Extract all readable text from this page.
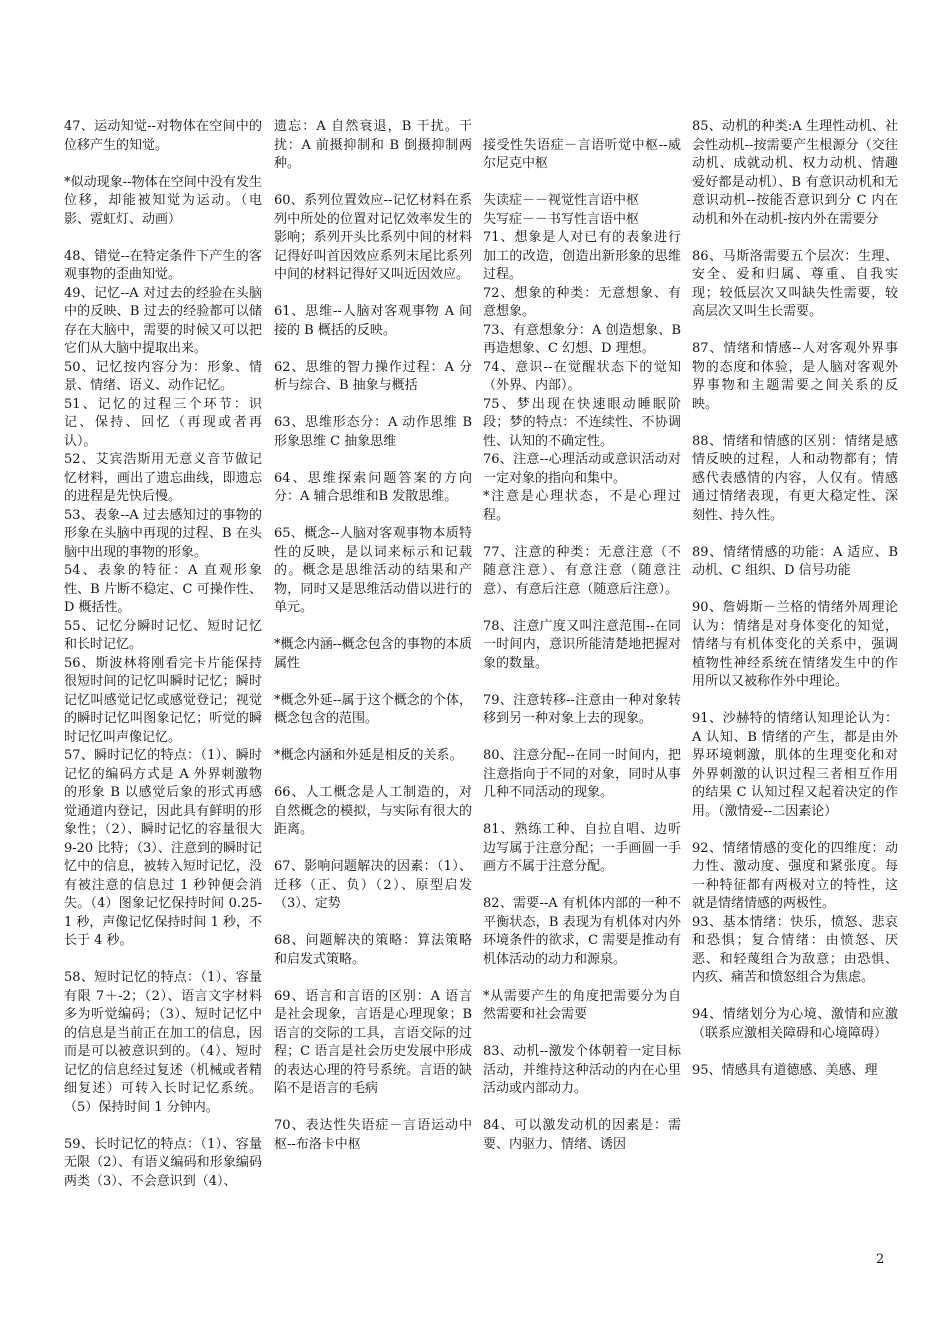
47、运动知觉--对物体在空间中的位移产生的知觉。

*似动现象--物体在空间中没有发生位移，却能被知觉为运动。（电影、霓虹灯、动画）

48、错觉--在特定条件下产生的客观事物的歪曲知觉。

49、记忆--A 对过去的经验在头脑中的反映、B 过去的经验都可以储存在大脑中，需要的时候又可以把它们从大脑中提取出来。

50、记忆按内容分为：形象、情景、情绪、语义、动作记忆。

51、记忆的过程三个环节：识记、保持、回忆（再现或者再认）。

52、艾宾浩斯用无意义音节做记忆材料，画出了遗忘曲线，即遗忘的进程是先快后慢。

53、表象--A 过去感知过的事物的形象在头脑中再现的过程、B 在头脑中出现的事物的形象。

54、表象的特征：A 直观形象性、B 片断不稳定、C 可操作性、D 概括性。

55、记忆分瞬时记忆、短时记忆和长时记忆。

56、斯波林将刚看完卡片能保持很短时间的记忆叫瞬时记忆；瞬时记忆叫感觉记忆或感觉登记；视觉的瞬时记忆叫图象记忆；听觉的瞬时记忆叫声像记忆。

57、瞬时记忆的特点：（1）、瞬时记忆的编码方式是 A 外界刺激物的形象 B 以感觉后象的形式再感觉通道内登记，因此具有鲜明的形象性；（2）、瞬时记忆的容量很大 9-20 比特；（3）、注意到的瞬时记忆中的信息，被转入短时记忆，没有被注意的信息过 1 秒钟便会消失。（4）图象记忆保持时间 0.25-1 秒，声像记忆保持时间 1 秒，不长于 4 秒。

58、短时记忆的特点：（1）、容量有限 7＋-2；（2）、语言文字材料多为听觉编码；（3）、短时记忆中的信息是当前正在加工的信息，因而是可以被意识到的。（4）、短时记忆的信息经过复述（机械或者精细复述）可转入长时记忆系统。（5）保持时间 1 分钟内。

59、长时记忆的特点：（1）、容量无限（2）、有语义编码和形象编码两类（3）、不会意识到（4）、

遗忘：A 自然衰退，B 干扰。干扰：A 前摄抑制和 B 倒摄抑制两种。

60、系列位置效应--记忆材料在系列中所处的位置对记忆效率发生的影响；系列开头比系列中间的材料记得好叫首因效应系列末尾比系列中间的材料记得好又叫近因效应。

61、思维--人脑对客观事物 A 间接的 B 概括的反映。

62、思维的智力操作过程：A 分析与综合、B 抽象与概括

63、思维形态分：A 动作思维 B 形象思维 C 抽象思维

64、思维探索问题答案的方向分：A 辅合思维和B 发散思维。

65、概念--人脑对客观事物本质特性的反映，是以词来标示和记载的。概念是思维活动的结果和产物，同时又是思维活动借以进行的单元。

*概念内涵--概念包含的事物的本质属性

*概念外延--属于这个概念的个体，概念包含的范围。

*概念内涵和外延是相反的关系。

66、人工概念是人工制造的，对自然概念的模拟，与实际有很大的距离。

67、影响问题解决的因素：（1）、迁移（正、负）（2）、原型启发（3）、定势

68、问题解决的策略：算法策略和启发式策略。

69、语言和言语的区别：A 语言是社会现象，言语是心理现象；B 语言的交际的工具，言语交际的过程；C 语言是社会历史发展中形成的表达心理的符号系统。言语的缺陷不是语言的毛病

70、表达性失语症－言语运动中枢--布洛卡中枢

接受性失语症－言语听觉中枢--威尔尼克中枢

失读症－－视觉性言语中枢

失写症－－书写性言语中枢

71、想象是人对已有的表象进行加工的改造，创造出新形象的思维过程。

72、想象的种类：无意想象、有意想象。

73、有意想象分：A 创造想象、B 再造想象、C 幻想、D 理想。

74、意识--在觉醒状态下的觉知（外界、内部）。

75、梦出现在快速眼动睡眠阶段；梦的特点：不连续性、不协调性、认知的不确定性。

76、注意--心理活动或意识活动对一定对象的指向和集中。

*注意是心理状态，不是心理过程。

77、注意的种类：无意注意（不随意注意）、有意注意（随意注意）、有意后注意（随意后注意）。

78、注意广度又叫注意范围--在同一时间内，意识所能清楚地把握对象的数量。

79、注意转移--注意由一种对象转移到另一种对象上去的现象。

80、注意分配--在同一时间内，把注意指向于不同的对象，同时从事几种不同活动的现象。

81、熟练工种、自拉自唱、边听边写属于注意分配；一手画圆一手画方不属于注意分配。

82、需要--A 有机体内部的一种不平衡状态，B 表现为有机体对内外环境条件的欲求，C 需要是推动有机体活动的动力和源泉。

*从需要产生的角度把需要分为自然需要和社会需要

83、动机--激发个体朝着一定目标活动，并维持这种活动的内在心里活动或内部动力。

84、可以激发动机的因素是：需要、内驱力、情绪、诱因

85、动机的种类:A 生理性动机、社会性动机--按需要产生根源分（交往动机、成就动机、权力动机、情趣爱好都是动机）、B 有意识动机和无意识动机--按能否意识到分 C 内在动机和外在动机-按内外在需要分

86、马斯洛需要五个层次：生理、安全、爱和归属、尊重、自我实现；较低层次又叫缺失性需要，较高层次又叫生长需要。

87、情绪和情感--人对客观外界事物的态度和体验，是人脑对客观外界事物和主题需要之间关系的反映。

88、情绪和情感的区别：情绪是感情反映的过程，人和动物都有；情感代表感情的内容，人仅有。情感通过情绪表现，有更大稳定性、深刻性、持久性。

89、情绪情感的功能：A 适应、B 动机、C 组织、D 信号功能

90、詹姆斯－兰格的情绪外周理论认为：情绪是对身体变化的知觉，情绪与有机体变化的关系中，强调植物性神经系统在情绪发生中的作用所以又被称作外中理论。

91、沙赫特的情绪认知理论认为：A 认知、B 情绪的产生，都是由外界环境刺激，肌体的生理变化和对外界刺激的认识过程三者相互作用的结果 C 认知过程又起着决定的作用。（激情爱--二因素论）

92、情绪情感的变化的四维度：动力性、激动度、强度和紧张度。每一种特征都有两极对立的特性，这就是情绪情感的两极性。

93、基本情绪：快乐，愤怒、悲哀和恐惧；复合情绪：由愤怒、厌恶、和轻蔑组合为敌意；由恐惧、内疚、痛苦和愤怒组合为焦虑。

94、情绪划分为心境、激情和应激（联系应激相关障碍和心境障碍）

95、情感具有道德感、美感、理

2
